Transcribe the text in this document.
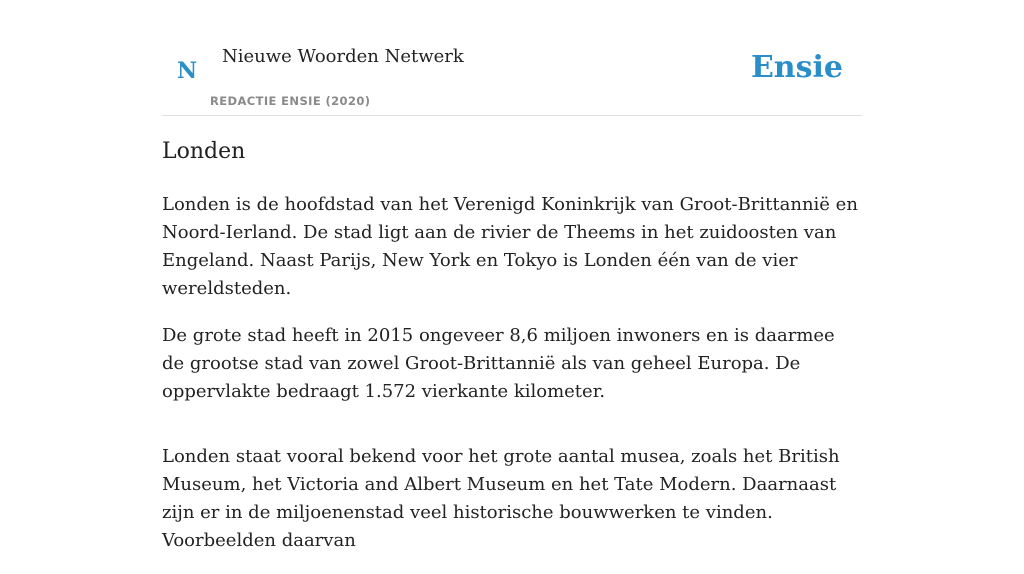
N
Nieuwe Woorden Netwerk
REDACTIE ENSIE (2020)
Ensie
Londen

Londen is de hoofdstad van het Verenigd Koninkrijk van Groot-Brittannië en Noord-Ierland. De stad ligt aan de rivier de Theems in het zuidoosten van Engeland. Naast Parijs, New York en Tokyo is Londen één van de vier wereldsteden.

De grote stad heeft in 2015 ongeveer 8,6 miljoen inwoners en is daarmee de grootse stad van zowel Groot-Brittannië als van geheel Europa. De oppervlakte bedraagt 1.572 vierkante kilometer.

Londen staat vooral bekend voor het grote aantal musea, zoals het British Museum, het Victoria and Albert Museum en het Tate Modern. Daarnaast zijn er in de miljoenenstad veel historische bouwwerken te vinden. Voorbeelden daarvan
